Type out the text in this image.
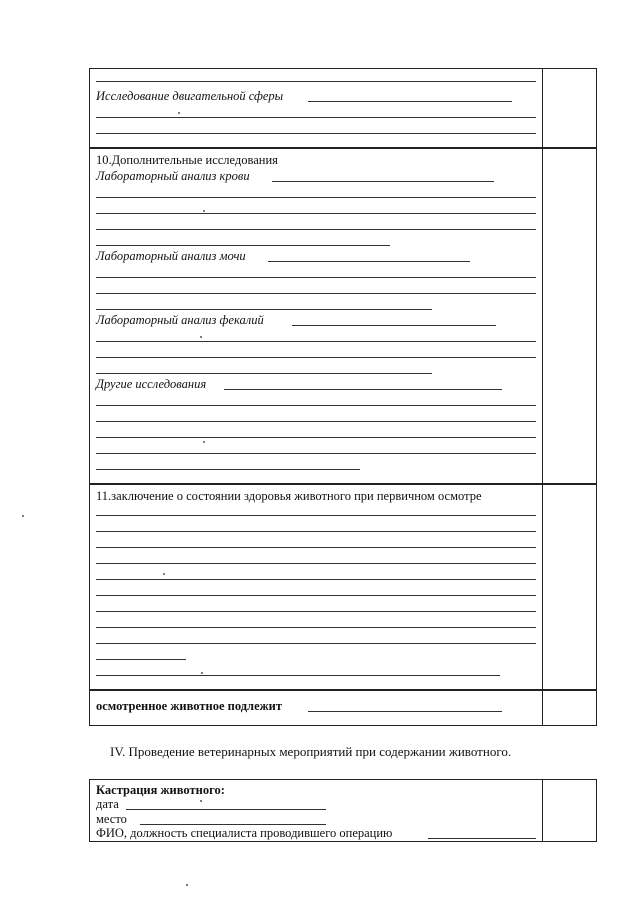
Исследование двигательной сферы
10.Дополнительные исследования
Лабораторный анализ крови
Лабораторный анализ мочи
Лабораторный анализ фекалий
Другие исследования
11.заключение о состоянии здоровья животного при первичном осмотре
осмотренное животное подлежит
IV. Проведение ветеринарных мероприятий при содержании животного.
Кастрация животного:
дата
место
ФИО, должность специалиста проводившего операцию
